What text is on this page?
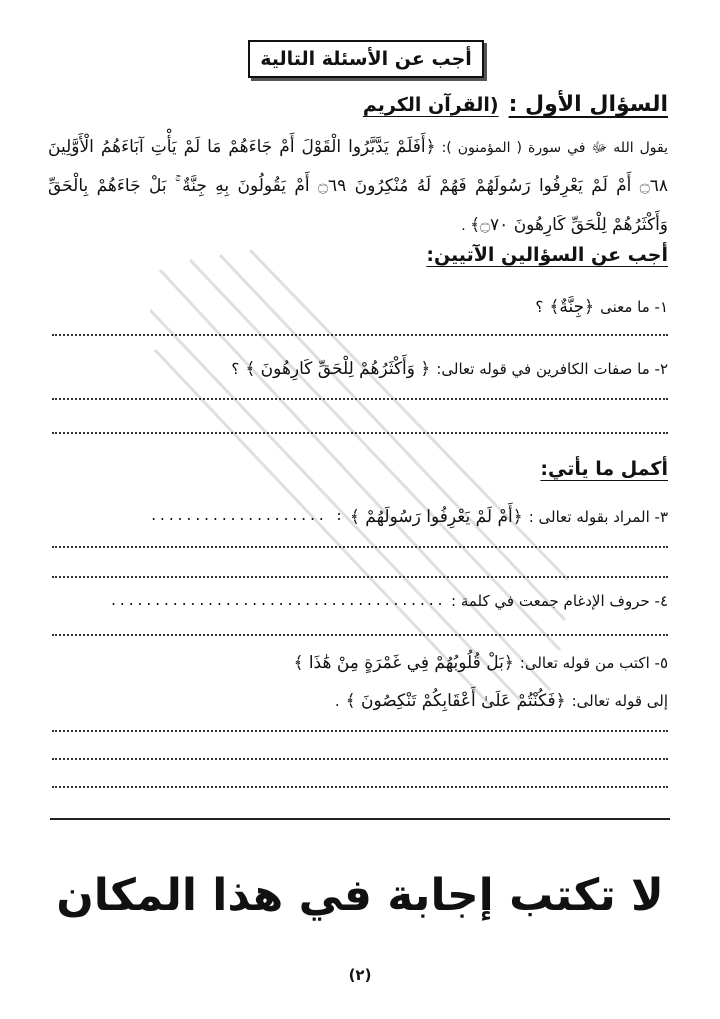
أجب عن الأسئلة التالية
السؤال الأول :
(القرآن الكريم
يقول الله ﷻ في سورة ( المؤمنون ): ﴿أَفَلَمْ يَدَّبَّرُوا الْقَوْلَ أَمْ جَاءَهُمْ مَا لَمْ يَأْتِ آبَاءَهُمُ الْأَوَّلِينَ ۝٦٨ أَمْ لَمْ يَعْرِفُوا رَسُولَهُمْ فَهُمْ لَهُ مُنْكِرُونَ ۝٦٩ أَمْ يَقُولُونَ بِهِ جِنَّةٌ ۚ بَلْ جَاءَهُمْ بِالْحَقِّ وَأَكْثَرُهُمْ لِلْحَقِّ كَارِهُونَ ۝٧٠﴾ .
أجب عن السؤالين الآتيين:
١- ما معنى
﴿جِنَّةٌ﴾
؟
٢- ما صفات الكافرين في قوله تعالى:
﴿ وَأَكْثَرُهُمْ لِلْحَقِّ كَارِهُونَ ﴾
؟
أكمل ما يأتي:
٣- المراد بقوله تعالى :
﴿أَمْ لَمْ يَعْرِفُوا رَسُولَهُمْ ﴾
: ....................
٤- حروف الإدغام جمعت في كلمة :
......................................
٥- اكتب من قوله تعالى:
﴿بَلْ قُلُوبُهُمْ فِي غَمْرَةٍ مِنْ هَٰذَا ﴾
إلى قوله تعالى:
﴿فَكُنْتُمْ عَلَىٰ أَعْقَابِكُمْ تَنْكِصُونَ ﴾
.
لا تكتب إجابة في هذا المكان
(٢)
